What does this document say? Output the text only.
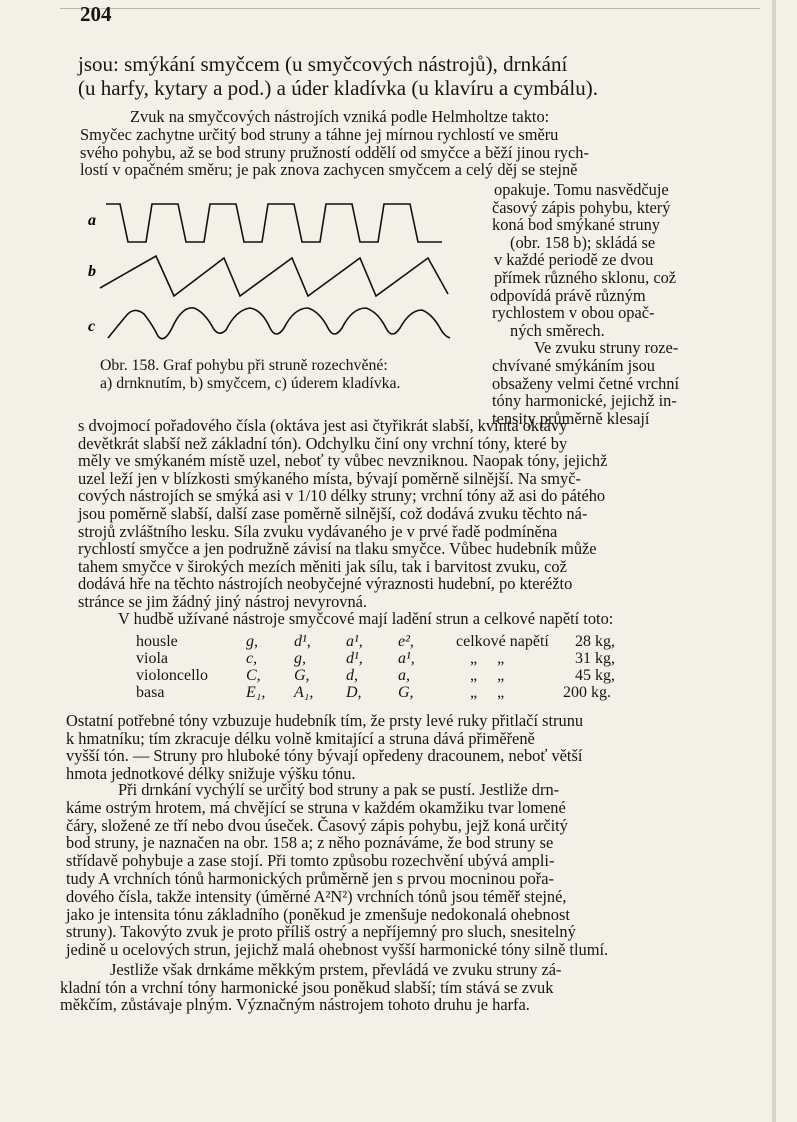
204
jsou: smýkání smyčcem (u smyčcových nástrojů), drnkání
(u harfy, kytary a pod.) a úder kladívka (u klavíru a cymbálu).
Zvuk na smyčcových nástrojích vzniká podle Helmholtze takto:
Smyčec zachytne určitý bod struny a táhne jej mírnou rychlostí ve směru
svého pohybu, až se bod struny pružností oddělí od smyčce a běží jinou rych-
lostí v opačném směru; je pak znova zachycen smyčcem a celý děj se stejně
a
b
c
Obr. 158. Graf pohybu při struně rozechvěné:
a) drnknutím, b) smyčcem, c) úderem kladívka.
opakuje. Tomu nasvědčuje
časový zápis pohybu, který
koná bod smýkané struny
(obr. 158 b); skládá se
v každé periodě ze dvou
přímek různého sklonu, což
odpovídá právě různým
rychlostem v obou opač-
ných směrech.
Ve zvuku struny roze-
chvívané smýkáním jsou
obsaženy velmi četné vrchní
tóny harmonické, jejichž in-
tensity průměrně klesají
s dvojmocí pořadového čísla (oktáva jest asi čtyřikrát slabší, kvinta oktávy
devětkrát slabší než základní tón). Odchylku činí ony vrchní tóny, které by
měly ve smýkaném místě uzel, neboť ty vůbec nevzniknou. Naopak tóny, jejichž
uzel leží jen v blízkosti smýkaného místa, bývají poměrně silnější. Na smyč-
cových nástrojích se smýká asi v 1/10 délky struny; vrchní tóny až asi do pátého
jsou poměrně slabší, další zase poměrně silnější, což dodává zvuku těchto ná-
strojů zvláštního lesku. Síla zvuku vydávaného je v prvé řadě podmíněna
rychlostí smyčce a jen podružně závisí na tlaku smyčce. Vůbec hudebník může
tahem smyčce v širokých mezích měniti jak sílu, tak i barvitost zvuku, což
dodává hře na těchto nástrojích neobyčejné výraznosti hudební, po kteréžto
stránce se jim žádný jiný nástroj nevyrovná.
V hudbě užívané nástroje smyčcové mají ladění strun a celkové napětí toto:
housle	g, d¹, a¹, e²,	celkové napětí 28 kg,
viola	c, g,	d¹, a¹,	„     „	31 kg,
violoncello C, G, d,	a,	„     „	45 kg,
basa	E₁, A₁, D, G,	„     „	200 kg.
Ostatní potřebné tóny vzbuzuje hudebník tím, že prsty levé ruky přitlačí strunu
k hmatníku; tím zkracuje délku volně kmitající a struna dává přiměřeně
vyšší tón. — Struny pro hluboké tóny bývají opředeny dracounem, neboť větší
hmota jednotkové délky snižuje výšku tónu.
Při drnkání vychýlí se určitý bod struny a pak se pustí. Jestliže drn-
káme ostrým hrotem, má chvějící se struna v každém okamžiku tvar lomené
čáry, složené ze tří nebo dvou úseček. Časový zápis pohybu, jejž koná určitý
bod struny, je naznačen na obr. 158 a; z něho poznáváme, že bod struny se
střídavě pohybuje a zase stojí. Při tomto způsobu rozechvění ubývá ampli-
tudy A vrchních tónů harmonických průměrně jen s prvou mocninou pořa-
dového čísla, takže intensity (úměrné A²N²) vrchních tónů jsou téměř stejné,
jako je intensita tónu základního (poněkud je zmenšuje nedokonalá ohebnost
struny). Takovýto zvuk je proto příliš ostrý a nepříjemný pro sluch, snesitelný
jedině u ocelových strun, jejichž malá ohebnost vyšší harmonické tóny silně tlumí.
Jestliže však drnkáme měkkým prstem, převládá ve zvuku struny zá-
kladní tón a vrchní tóny harmonické jsou poněkud slabší; tím stává se zvuk
měkčím, zůstávaje plným. Význačným nástrojem tohoto druhu je harfa.
